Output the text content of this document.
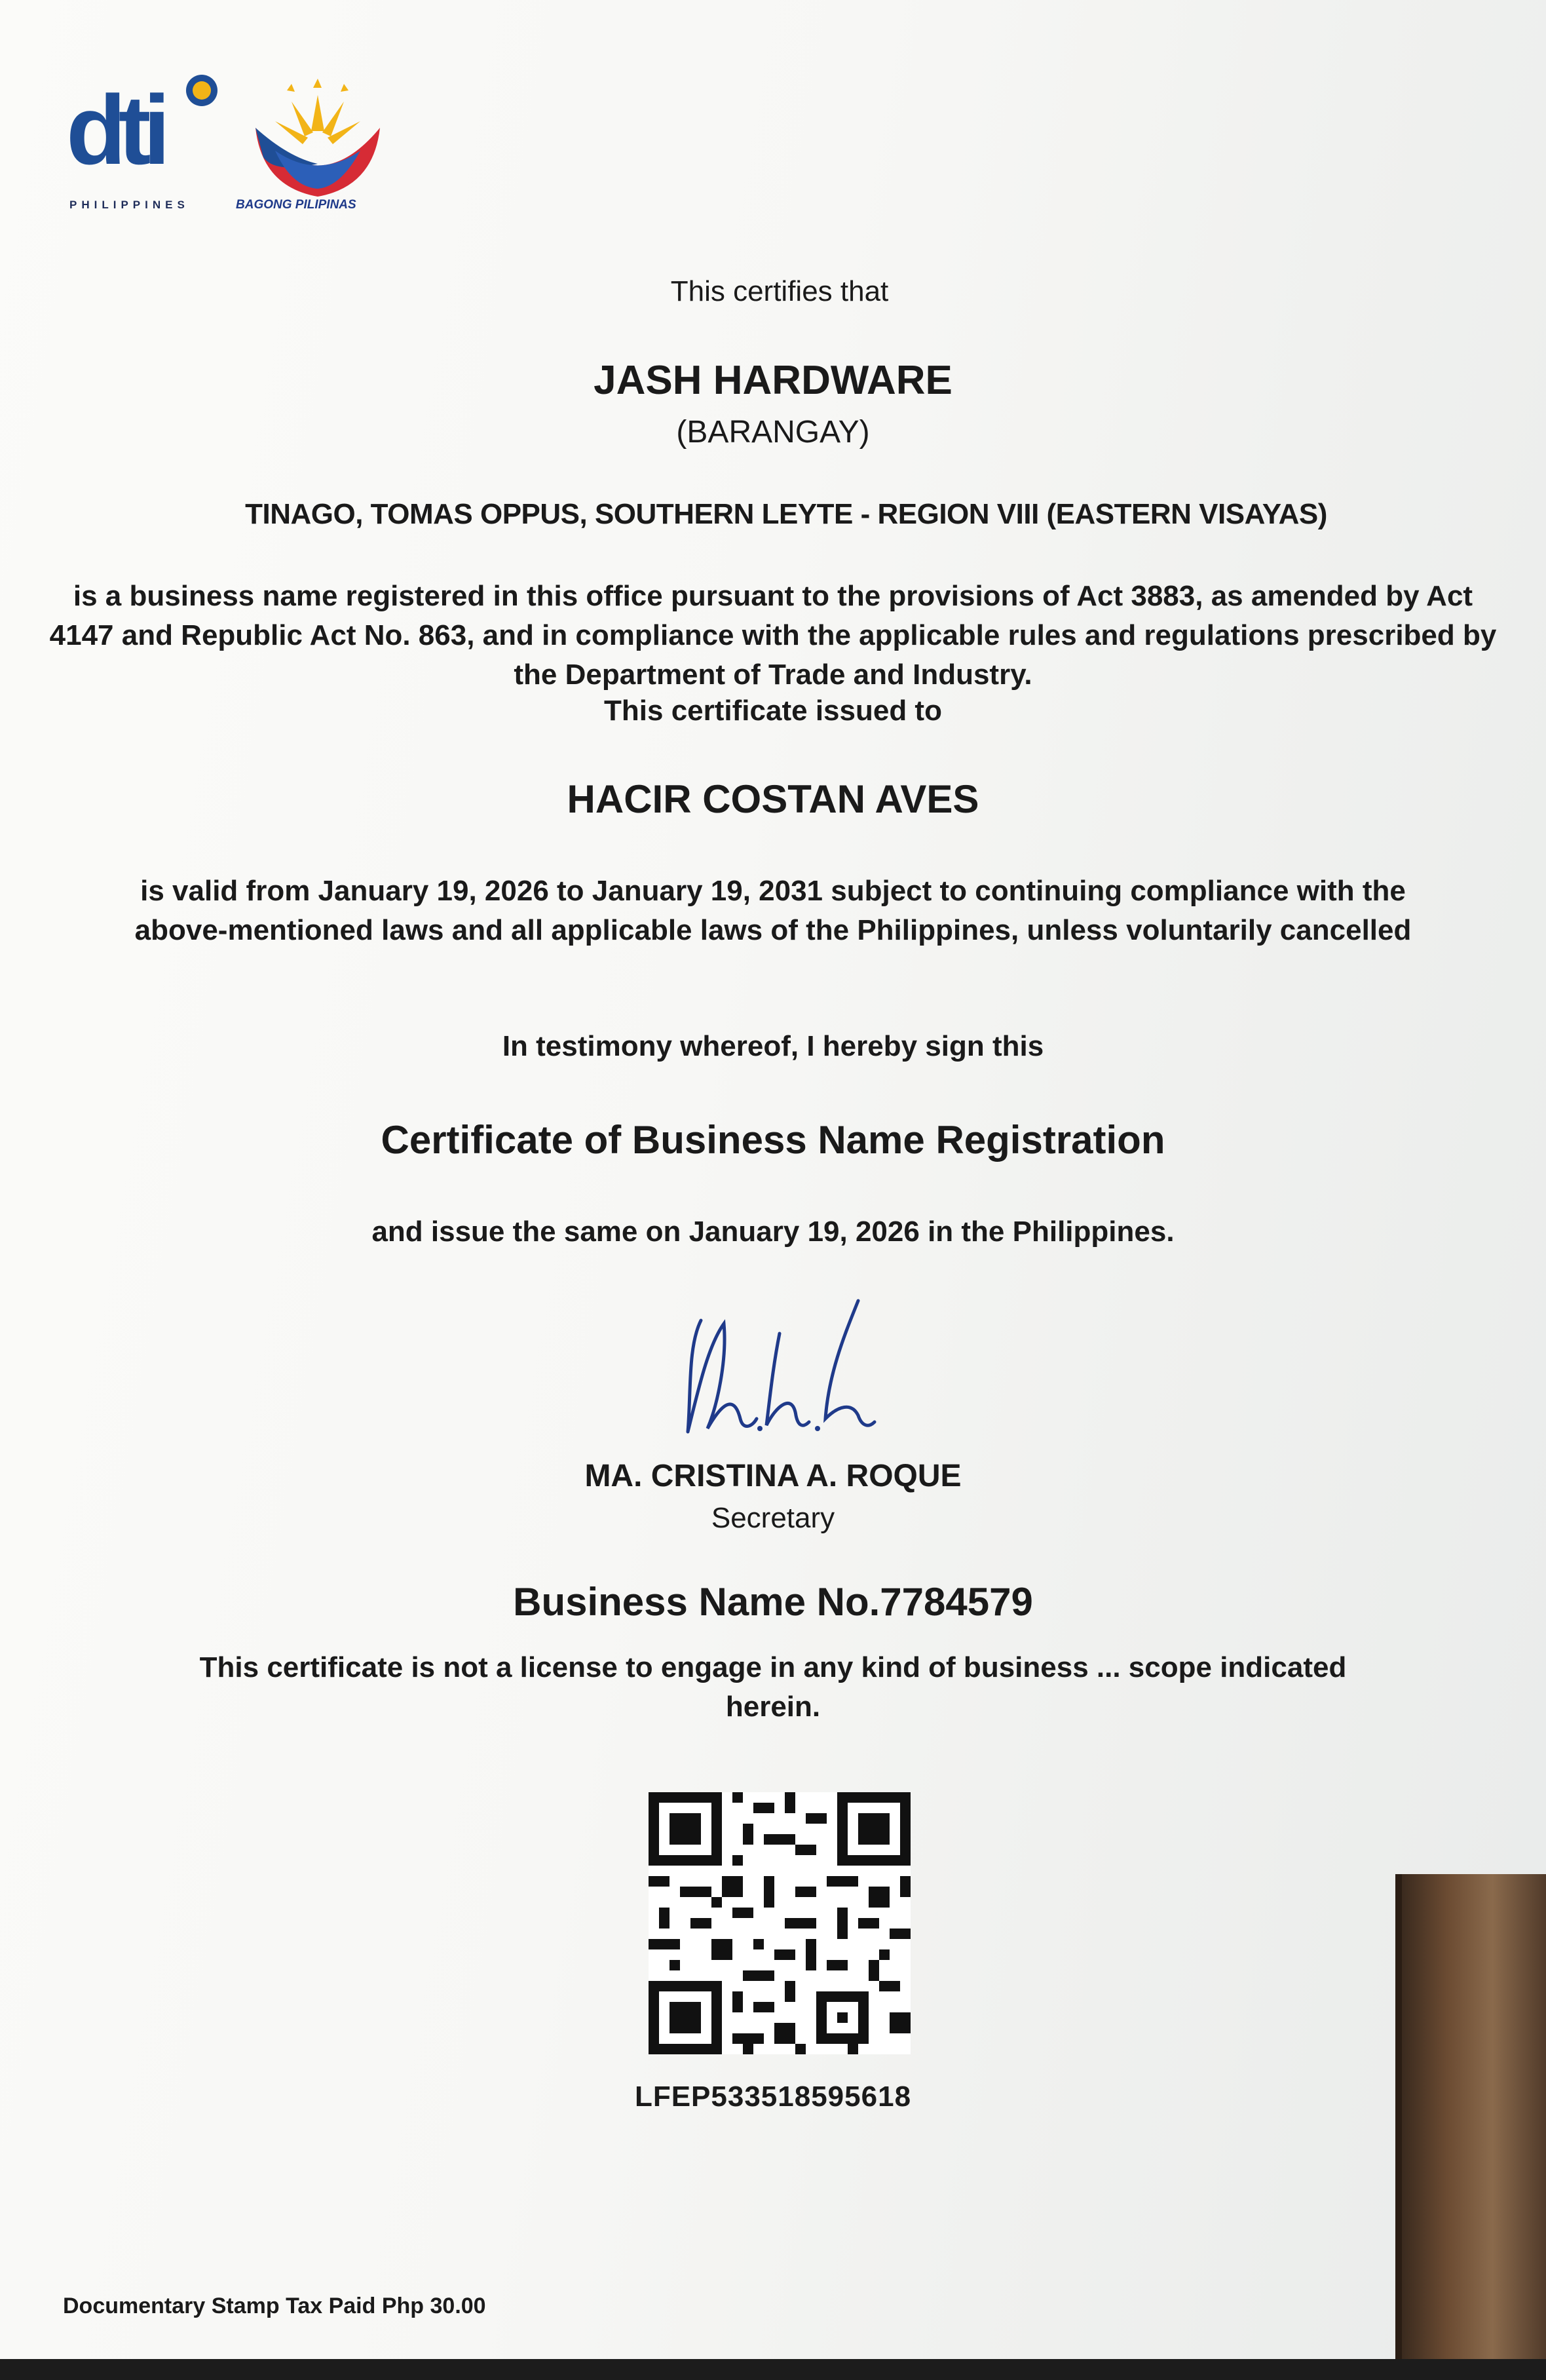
dti
PHILIPPINES	BAGONG PILIPINAS
This certifies that
JASH HARDWARE
(BARANGAY)
TINAGO, TOMAS OPPUS, SOUTHERN LEYTE - REGION VIII (EASTERN VISAYAS)
is a business name registered in this office pursuant to the provisions of Act 3883, as amended by Act 4147 and Republic Act No. 863, and in compliance with the applicable rules and regulations prescribed by the Department of Trade and Industry.
This certificate issued to
HACIR COSTAN AVES
is valid from January 19, 2026 to January 19, 2031 subject to continuing compliance with the above-mentioned laws and all applicable laws of the Philippines, unless voluntarily cancelled
In testimony whereof, I hereby sign this
Certificate of Business Name Registration
and issue the same on January 19, 2026 in the Philippines.
MA. CRISTINA A. ROQUE
Secretary
Business Name No.7784579
This certificate is not a license to engage in any kind of business ... scope indicated herein.
LFEP533518595618
Documentary Stamp Tax Paid Php 30.00
